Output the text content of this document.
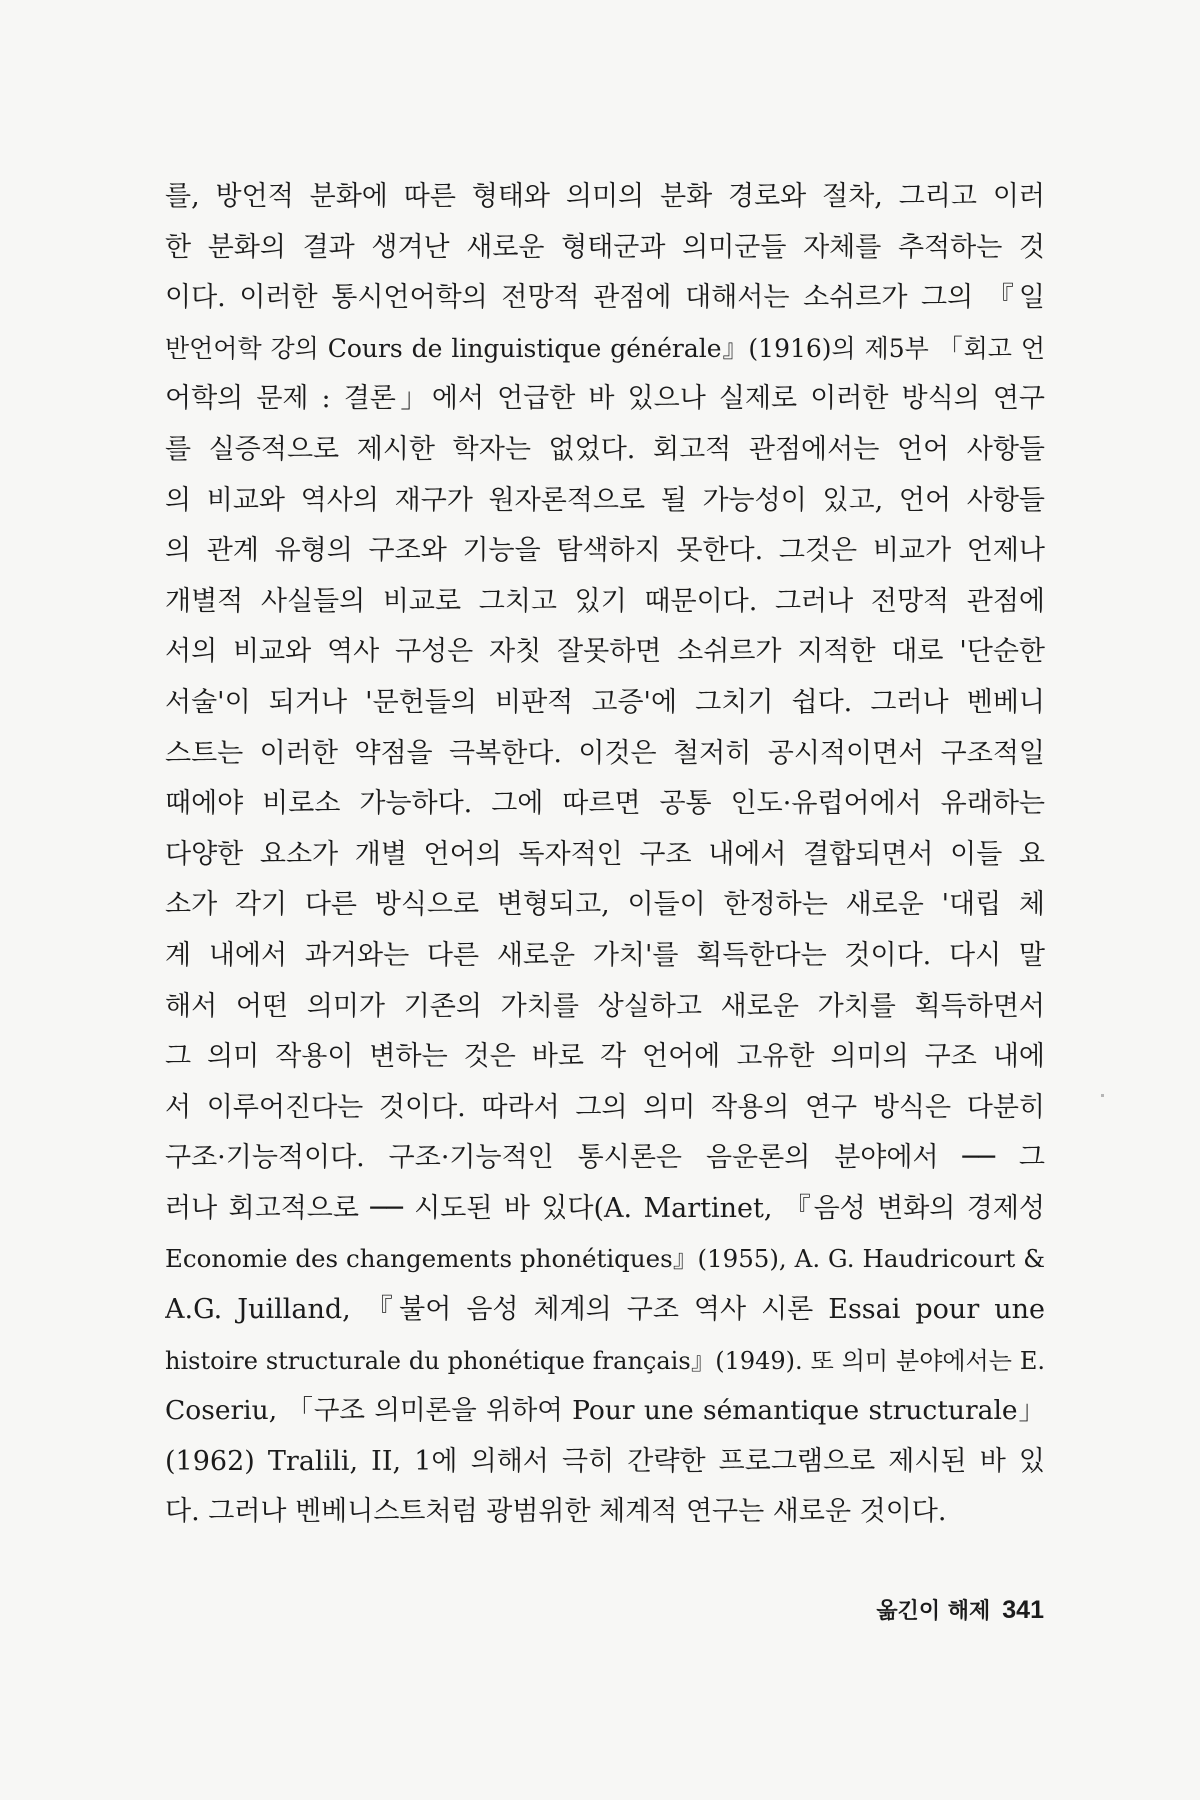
를, 방언적 분화에 따른 형태와 의미의 분화 경로와 절차, 그리고 이러
한 분화의 결과 생겨난 새로운 형태군과 의미군들 자체를 추적하는 것
이다. 이러한 통시언어학의 전망적 관점에 대해서는 소쉬르가 그의 『일
반언어학 강의 Cours de linguistique générale』(1916)의 제5부 「회고 언
어학의 문제 : 결론」에서 언급한 바 있으나 실제로 이러한 방식의 연구
를 실증적으로 제시한 학자는 없었다. 회고적 관점에서는 언어 사항들
의 비교와 역사의 재구가 원자론적으로 될 가능성이 있고, 언어 사항들
의 관계 유형의 구조와 기능을 탐색하지 못한다. 그것은 비교가 언제나
개별적 사실들의 비교로 그치고 있기 때문이다. 그러나 전망적 관점에
서의 비교와 역사 구성은 자칫 잘못하면 소쉬르가 지적한 대로 '단순한
서술'이 되거나 '문헌들의 비판적 고증'에 그치기 쉽다. 그러나 벤베니
스트는 이러한 약점을 극복한다. 이것은 철저히 공시적이면서 구조적일
때에야 비로소 가능하다. 그에 따르면 공통 인도·유럽어에서 유래하는
다양한 요소가 개별 언어의 독자적인 구조 내에서 결합되면서 이들 요
소가 각기 다른 방식으로 변형되고, 이들이 한정하는 새로운 '대립 체
계 내에서 과거와는 다른 새로운 가치'를 획득한다는 것이다. 다시 말
해서 어떤 의미가 기존의 가치를 상실하고 새로운 가치를 획득하면서
그 의미 작용이 변하는 것은 바로 각 언어에 고유한 의미의 구조 내에
서 이루어진다는 것이다. 따라서 그의 의미 작용의 연구 방식은 다분히
구조·기능적이다. 구조·기능적인 통시론은 음운론의 분야에서 ── 그
러나 회고적으로 ── 시도된 바 있다(A. Martinet, 『음성 변화의 경제성
Economie des changements phonétiques』(1955), A. G. Haudricourt &
A.G. Juilland, 『불어 음성 체계의 구조 역사 시론 Essai pour une
histoire structurale du phonétique français』(1949). 또 의미 분야에서는 E.
Coseriu, 「구조 의미론을 위하여 Pour une sémantique structurale」
(1962) Tralili, II, 1에 의해서 극히 간략한 프로그램으로 제시된 바 있
다. 그러나 벤베니스트처럼 광범위한 체계적 연구는 새로운 것이다.
옮긴이 해제 341
